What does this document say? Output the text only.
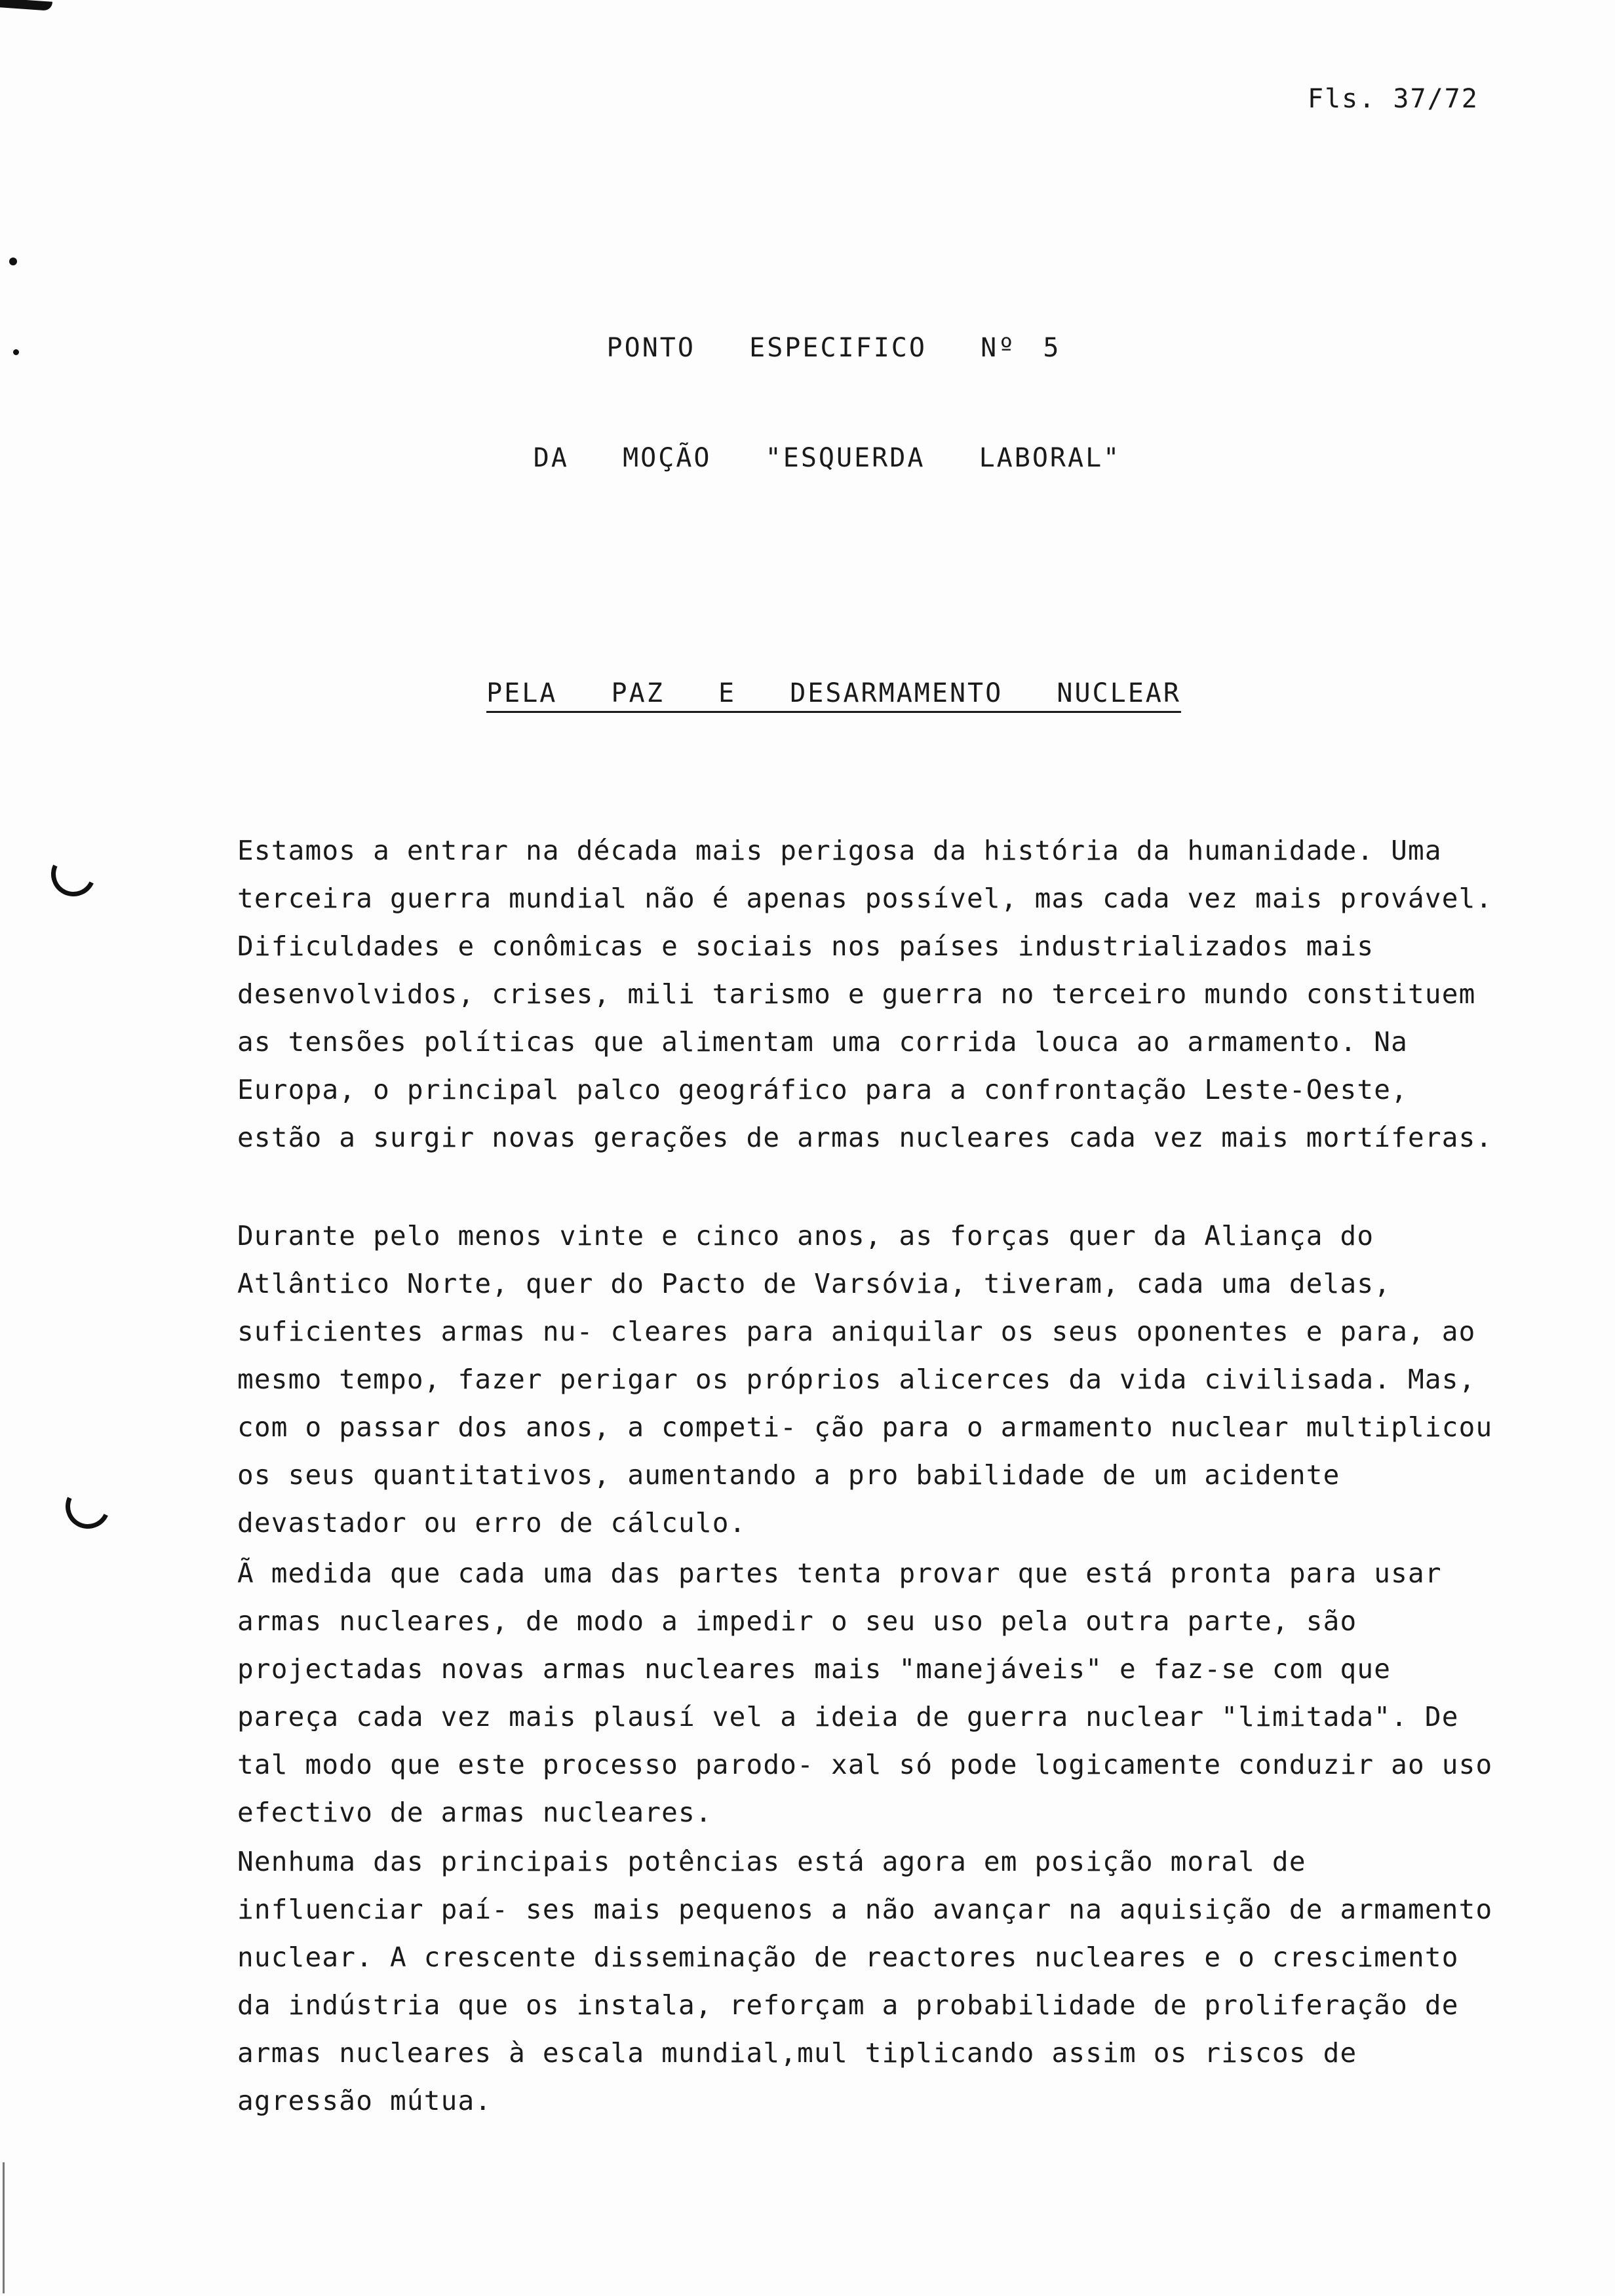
Fls. 37/72
PONTO  ESPECIFICO  Nº 5
DA  MOÇÃO  "ESQUERDA  LABORAL"
PELA  PAZ  E  DESARMAMENTO  NUCLEAR
Estamos a entrar na década mais perigosa da história da humanidade. Uma terceira guerra mundial não é apenas possível, mas cada vez mais provável. Dificuldades e conômicas e sociais nos países industrializados mais desenvolvidos, crises, mili tarismo e guerra no terceiro mundo constituem as tensões políticas que alimentam uma corrida louca ao armamento. Na Europa, o principal palco geográfico para a confrontação Leste-Oeste, estão a surgir novas gerações de armas nucleares cada vez mais mortíferas.
Durante pelo menos vinte e cinco anos, as forças quer da Aliança do Atlântico Norte, quer do Pacto de Varsóvia, tiveram, cada uma delas, suficientes armas nu- cleares para aniquilar os seus oponentes e para, ao mesmo tempo, fazer perigar os próprios alicerces da vida civilisada. Mas, com o passar dos anos, a competi- ção para o armamento nuclear multiplicou os seus quantitativos, aumentando a pro babilidade de um acidente devastador ou erro de cálculo.
Ã medida que cada uma das partes tenta provar que está pronta para usar armas nucleares, de modo a impedir o seu uso pela outra parte, são projectadas novas armas nucleares mais "manejáveis" e faz-se com que pareça cada vez mais plausí vel a ideia de guerra nuclear "limitada". De tal modo que este processo parodo- xal só pode logicamente conduzir ao uso efectivo de armas nucleares.
Nenhuma das principais potências está agora em posição moral de influenciar paí- ses mais pequenos a não avançar na aquisição de armamento nuclear. A crescente disseminação de reactores nucleares e o crescimento da indústria que os instala, reforçam a probabilidade de proliferação de armas nucleares à escala mundial,mul tiplicando assim os riscos de agressão mútua.
